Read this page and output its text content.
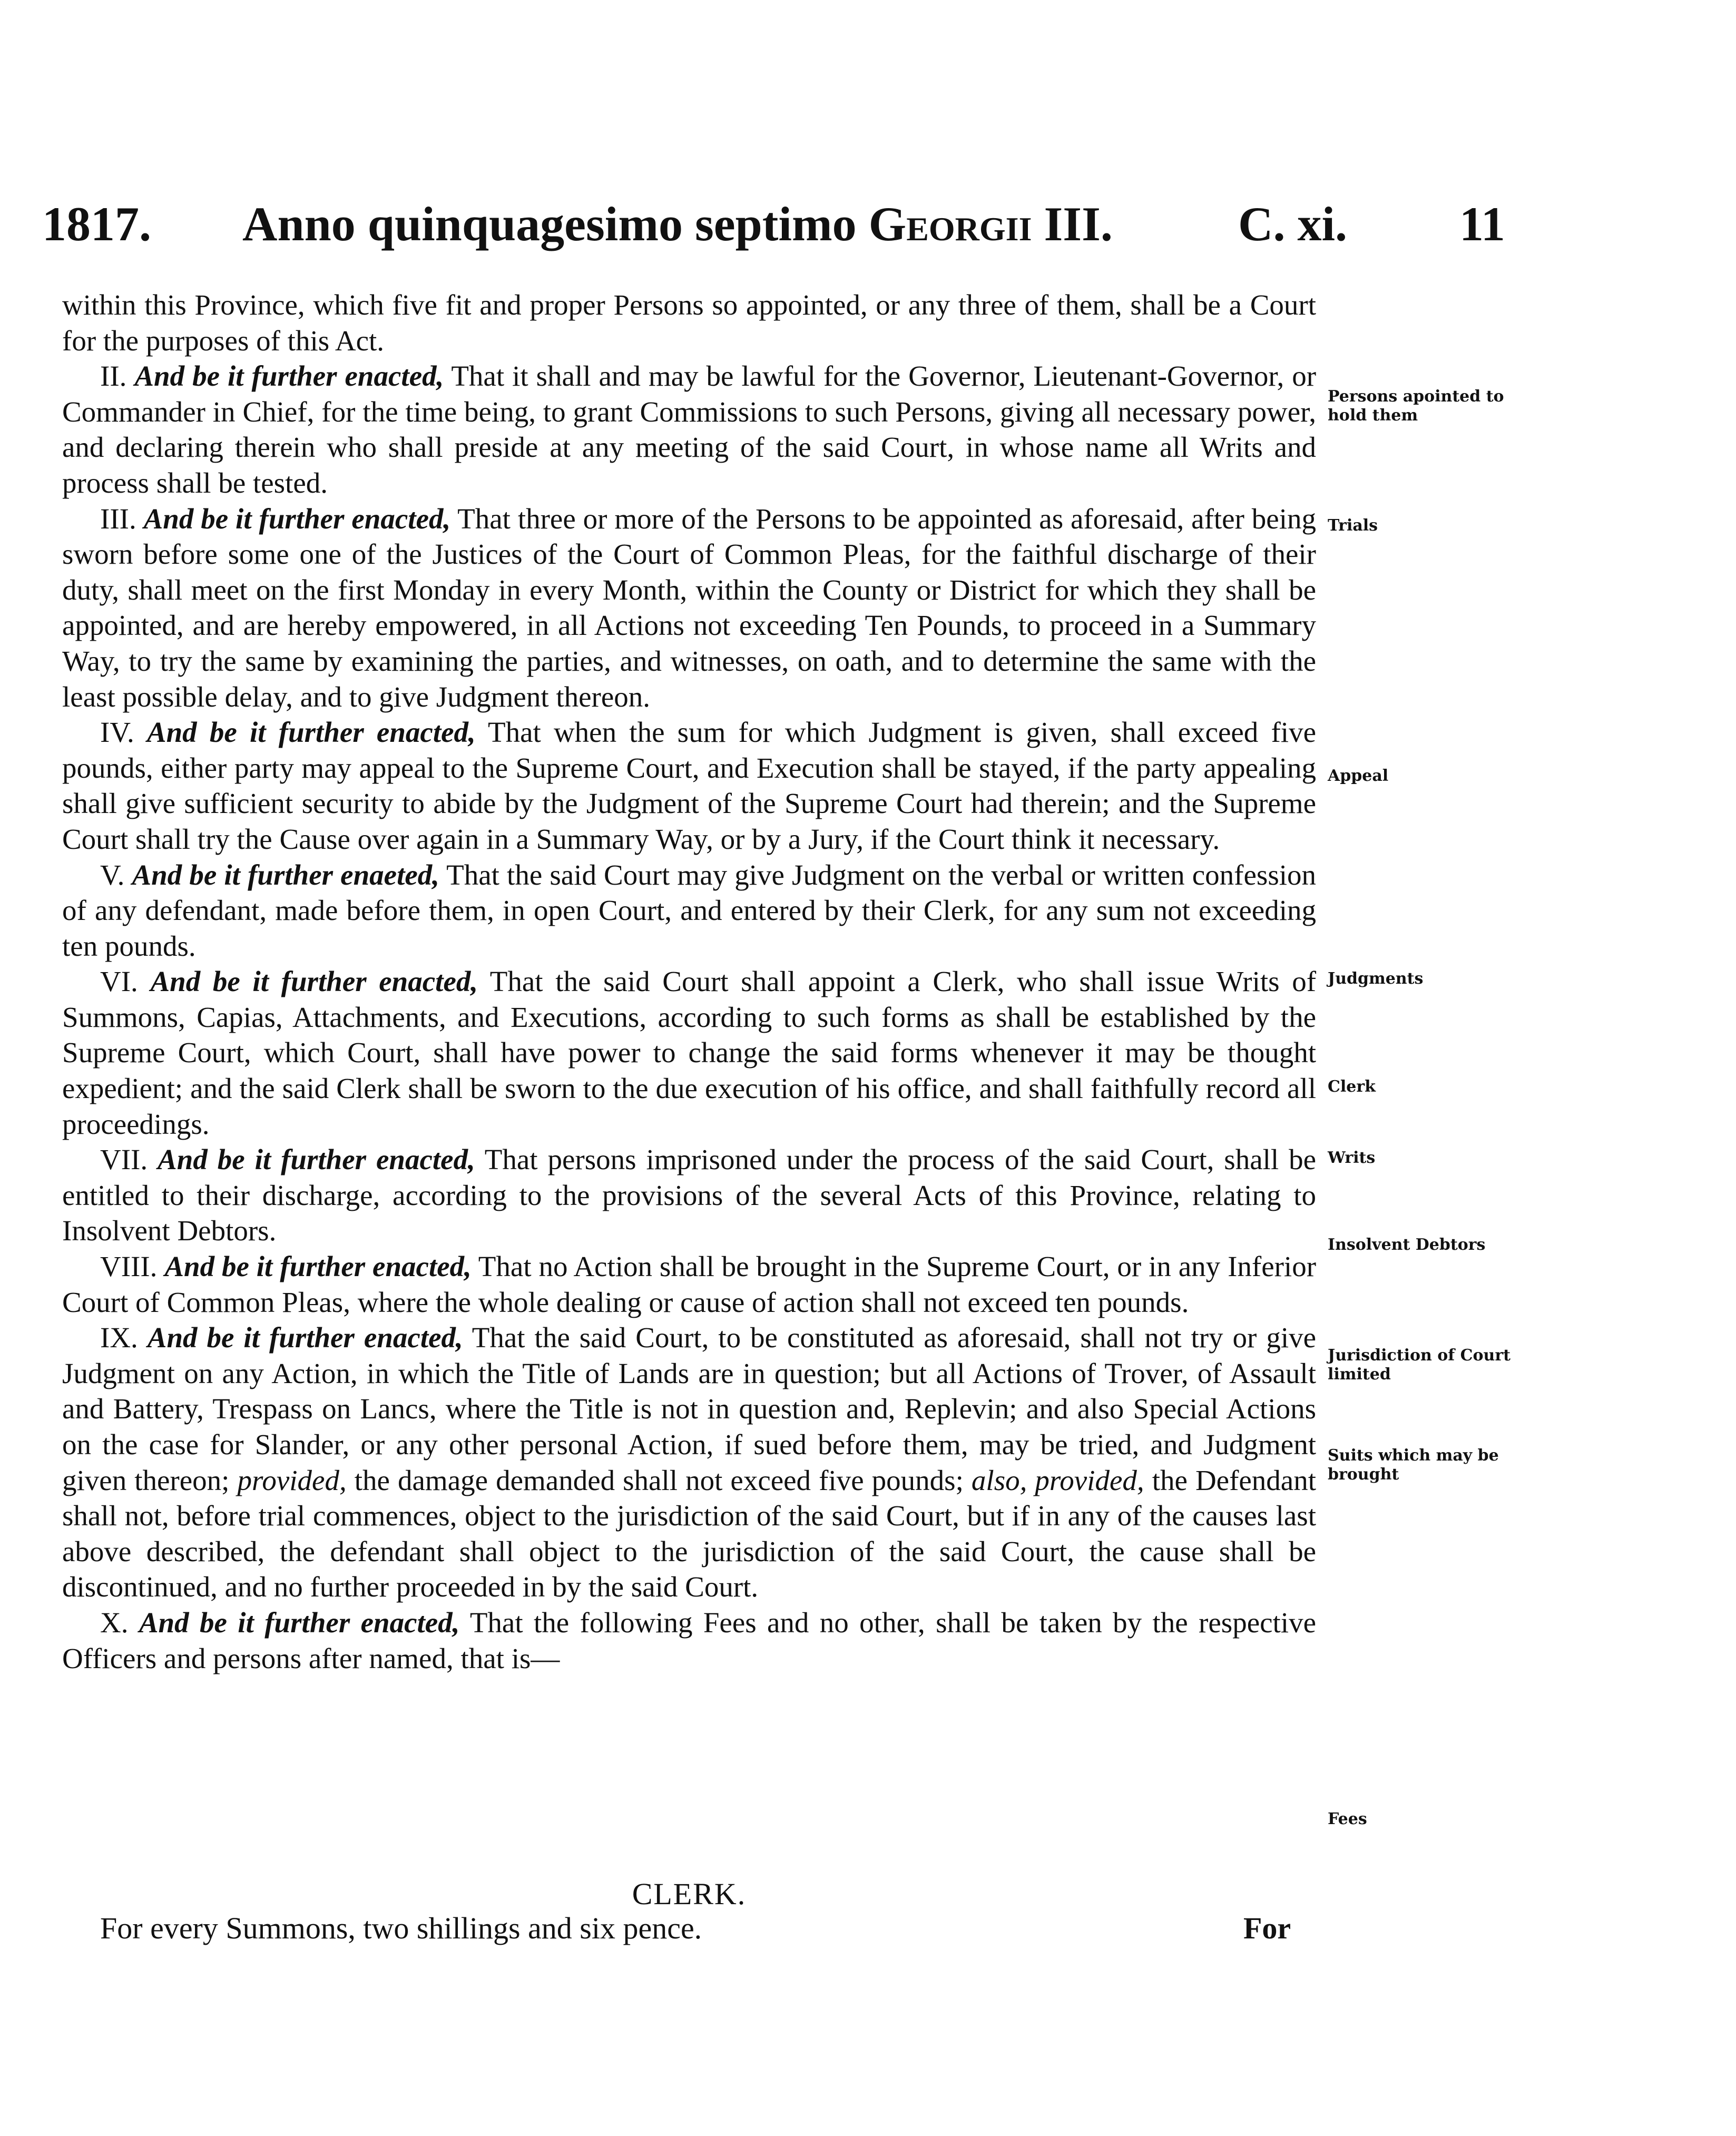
1817. Anno quinquagesimo septimo Georgii III.	C. xi. 11

within this Province, which five fit and proper Persons so appointed, or any three of them, shall be a Court for the purposes of this Act.

II. And be it further enacted, That it shall and may be lawful for the Governor, Lieutenant-Governor, or Commander in Chief, for the time being, to grant Commissions to such Persons, giving all necessary power, and declaring therein who shall preside at any meeting of the said Court, in whose name all Writs and process shall be tested.

III. And be it further enacted, That three or more of the Persons to be appointed as aforesaid, after being sworn before some one of the Justices of the Court of Common Pleas, for the faithful discharge of their duty, shall meet on the first Monday in every Month, within the County or District for which they shall be appointed, and are hereby empowered, in all Actions not exceeding Ten Pounds, to proceed in a Summary Way, to try the same by examining the parties, and witnesses, on oath, and to determine the same with the least possible delay, and to give Judgment thereon.

IV. And be it further enacted, That when the sum for which Judgment is given, shall exceed five pounds, either party may appeal to the Supreme Court, and Execution shall be stayed, if the party appealing shall give sufficient security to abide by the Judgment of the Supreme Court had therein; and the Supreme Court shall try the Cause over again in a Summary Way, or by a Jury, if the Court think it necessary.

V. And be it further enaeted, That the said Court may give Judgment on the verbal or written confession of any defendant, made before them, in open Court, and entered by their Clerk, for any sum not exceeding ten pounds.

VI. And be it further enacted, That the said Court shall appoint a Clerk, who shall issue Writs of Summons, Capias, Attachments, and Executions, according to such forms as shall be established by the Supreme Court, which Court, shall have power to change the said forms whenever it may be thought expedient; and the said Clerk shall be sworn to the due execution of his office, and shall faithfully record all proceedings.

VII. And be it further enacted, That persons imprisoned under the process of the said Court, shall be entitled to their discharge, according to the provisions of the several Acts of this Province, relating to Insolvent Debtors.

VIII. And be it further enacted, That no Action shall be brought in the Supreme Court, or in any Inferior Court of Common Pleas, where the whole dealing or cause of action shall not exceed ten pounds.

IX. And be it further enacted, That the said Court, to be constituted as aforesaid, shall not try or give Judgment on any Action, in which the Title of Lands are in question; but all Actions of Trover, of Assault and Battery, Trespass on Lancs, where the Title is not in question and, Replevin; and also Special Actions on the case for Slander, or any other personal Action, if sued before them, may be tried, and Judgment given thereon; provided, the damage demanded shall not exceed five pounds; also, provided, the Defendant shall not, before trial commences, object to the jurisdiction of the said Court, but if in any of the causes last above described, the defendant shall object to the jurisdiction of the said Court, the cause shall be discontinued, and no further proceeded in by the said Court.

X. And be it further enacted, That the following Fees and no other, shall be taken by the respective Officers and persons after named, that is—

CLERK.
For every Summons, two shillings and six pence.	For
Persons apointed to hold them
Trials
Appeal
Judgments
Clerk
Writs
Insolvent Debtors
Jurisdiction of Court limited
Suits which may be brought
Fees
